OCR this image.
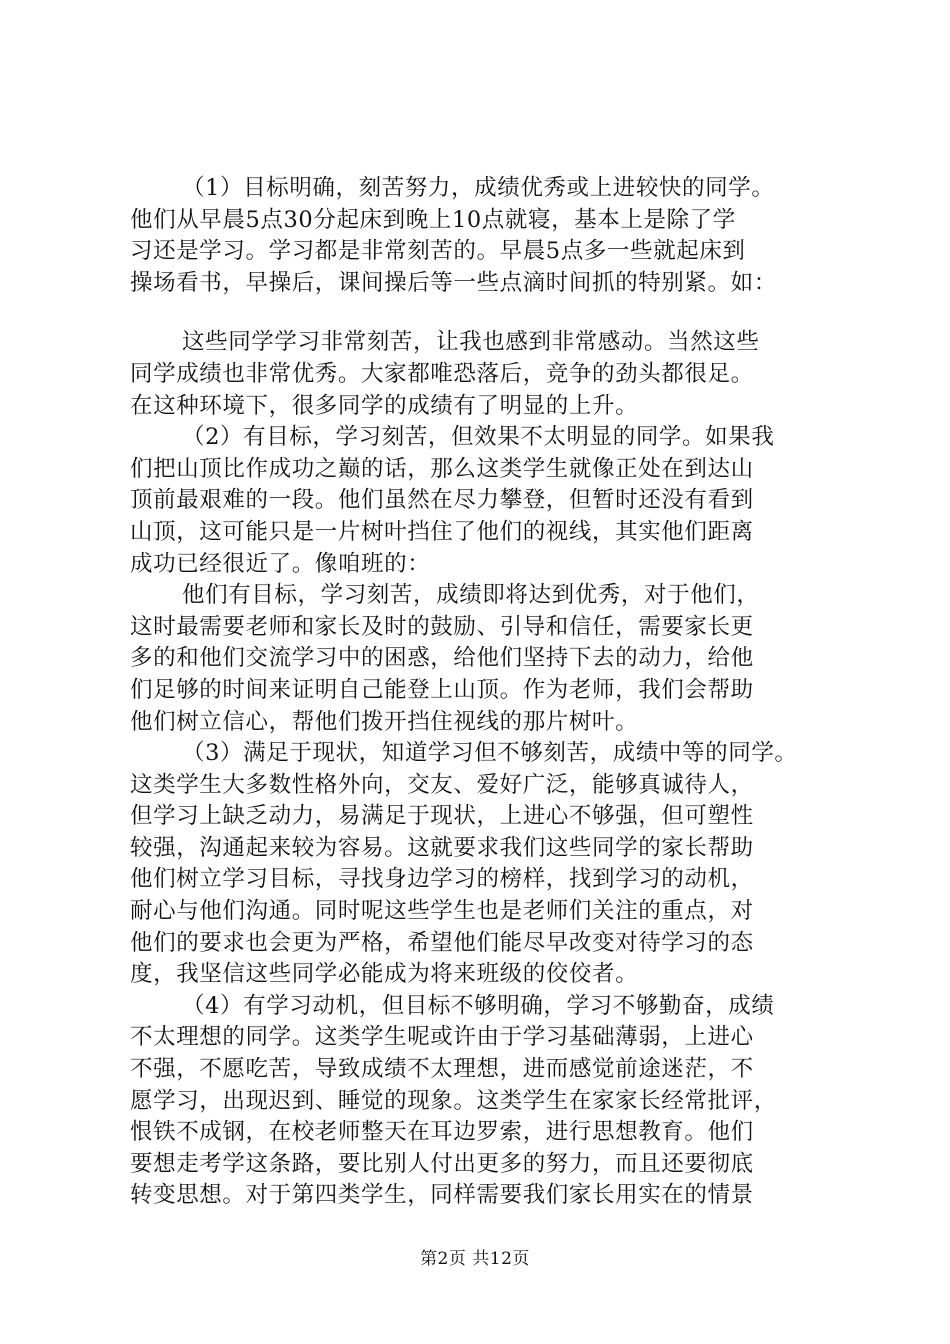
（1）目标明确，刻苦努力，成绩优秀或上进较快的同学。
他们从早晨5点30分起床到晚上10点就寝，基本上是除了学
习还是学习。学习都是非常刻苦的。早晨5点多一些就起床到
操场看书，早操后，课间操后等一些点滴时间抓的特别紧。如：
这些同学学习非常刻苦，让我也感到非常感动。当然这些
同学成绩也非常优秀。大家都唯恐落后，竞争的劲头都很足。
在这种环境下，很多同学的成绩有了明显的上升。
（2）有目标，学习刻苦，但效果不太明显的同学。如果我
们把山顶比作成功之巅的话，那么这类学生就像正处在到达山
顶前最艰难的一段。他们虽然在尽力攀登，但暂时还没有看到
山顶，这可能只是一片树叶挡住了他们的视线，其实他们距离
成功已经很近了。像咱班的：
他们有目标，学习刻苦，成绩即将达到优秀，对于他们，
这时最需要老师和家长及时的鼓励、引导和信任，需要家长更
多的和他们交流学习中的困惑，给他们坚持下去的动力，给他
们足够的时间来证明自己能登上山顶。作为老师，我们会帮助
他们树立信心，帮他们拨开挡住视线的那片树叶。
（3）满足于现状，知道学习但不够刻苦，成绩中等的同学。
这类学生大多数性格外向，交友、爱好广泛，能够真诚待人，
但学习上缺乏动力，易满足于现状，上进心不够强，但可塑性
较强，沟通起来较为容易。这就要求我们这些同学的家长帮助
他们树立学习目标，寻找身边学习的榜样，找到学习的动机，
耐心与他们沟通。同时呢这些学生也是老师们关注的重点，对
他们的要求也会更为严格，希望他们能尽早改变对待学习的态
度，我坚信这些同学必能成为将来班级的佼佼者。
（4）有学习动机，但目标不够明确，学习不够勤奋，成绩
不太理想的同学。这类学生呢或许由于学习基础薄弱，上进心
不强，不愿吃苦，导致成绩不太理想，进而感觉前途迷茫，不
愿学习，出现迟到、睡觉的现象。这类学生在家家长经常批评，
恨铁不成钢，在校老师整天在耳边罗索，进行思想教育。他们
要想走考学这条路，要比别人付出更多的努力，而且还要彻底
转变思想。对于第四类学生，同样需要我们家长用实在的情景
第2页 共12页
